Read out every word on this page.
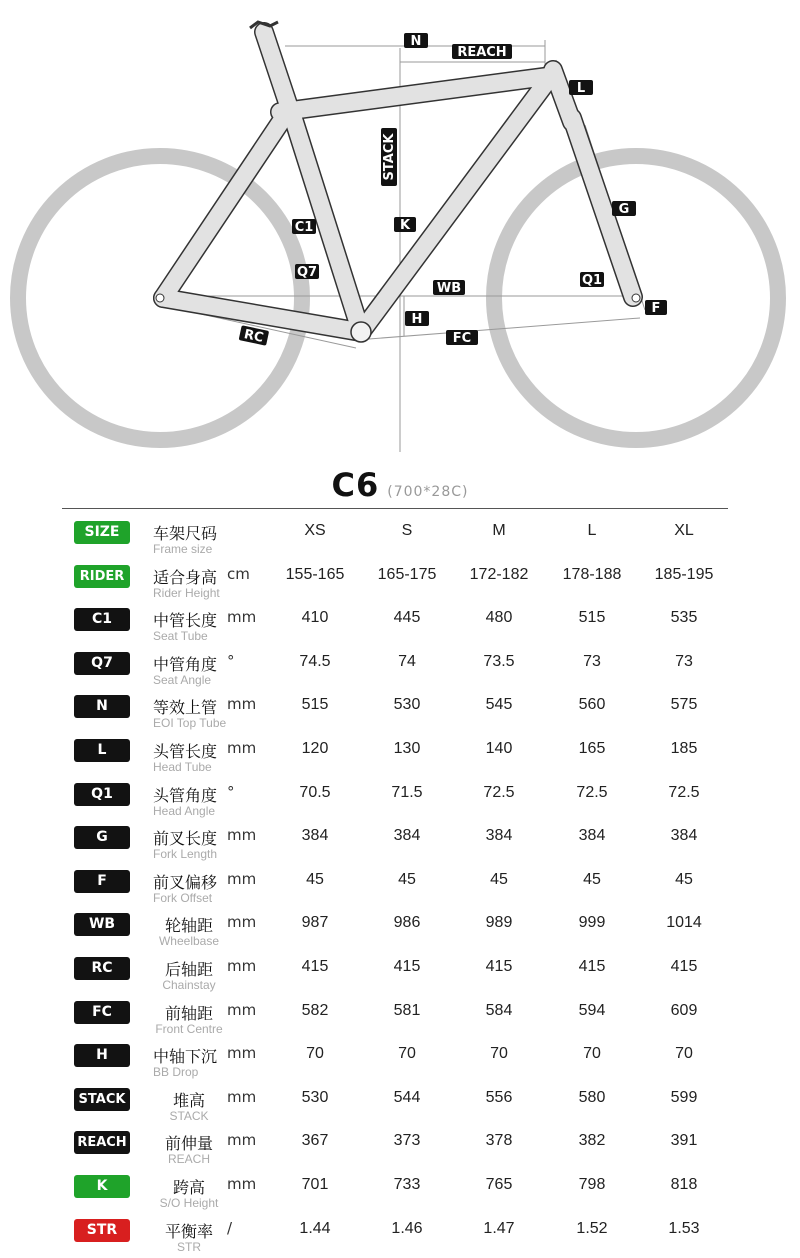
N
REACH
L
STACK
C1	K
G
Q7
Q1
WB
F
H
RC	FC
C6 (700*28C)
SIZE	车架尺码
Frame size
XS	S	M	L	XL
RIDER	适合身高 cm
Rider Height
155-165	165-175	172-182	178-188	185-195
C1	中管长度 mm
Seat Tube
410	445	480	515	535
Q7	中管角度 °
Seat Angle
74.5	74	73.5	73	73
N	等效上管 mm
EOI Top Tube
515	530	545	560	575
L	头管长度 mm
Head Tube
120	130	140	165	185
Q1	头管角度 °
Head Angle
70.5	71.5	72.5	72.5	72.5
G	前叉长度 mm
Fork Length
384	384	384	384	384
F	前叉偏移 mm
Fork Offset
45	45	45	45	45
WB	轮轴距 mm
Wheelbase
987	986	989	999	1014
RC	后轴距 mm
Chainstay
415	415	415	415	415
FC	前轴距 mm
Front Centre
582	581	584	594	609
H	中轴下沉 mm
BB Drop
70	70	70	70	70
STACK	堆高	mm
STACK
530	544	556	580	599
REACH	前伸量 mm
REACH
367	373	378	382	391
K	跨高	mm
S/O Height
701	733	765	798	818
STR	平衡率 /
STR
1.44	1.46	1.47	1.52	1.53
